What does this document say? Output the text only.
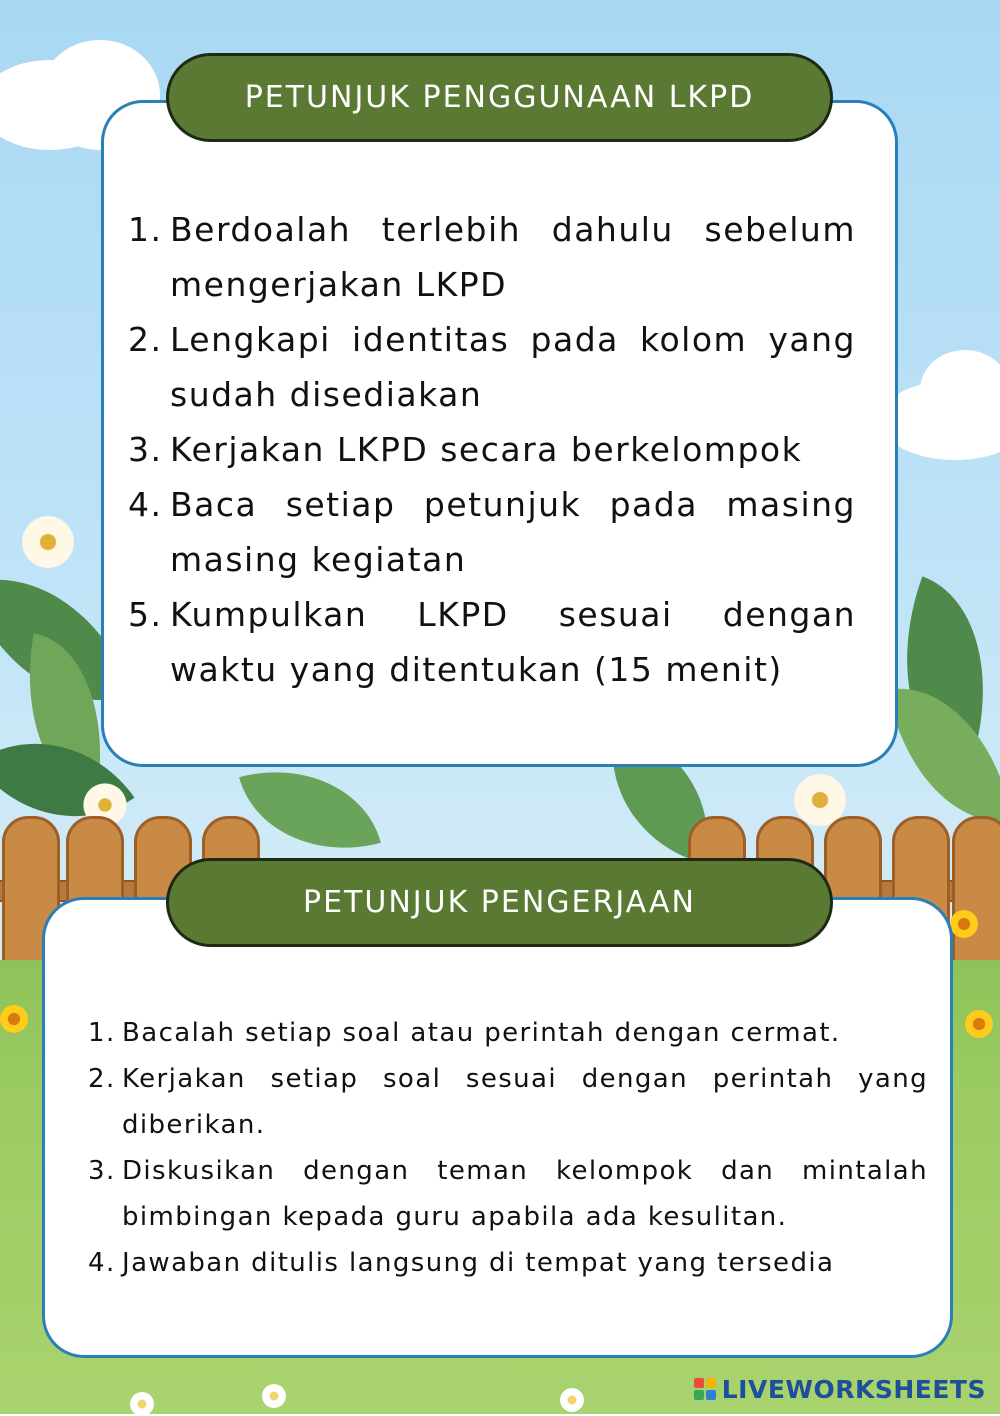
PETUNJUK PENGGUNAAN LKPD
1. Berdoalah terlebih dahulu sebelum mengerjakan LKPD
2. Lengkapi identitas pada kolom yang sudah disediakan
3. Kerjakan LKPD secara berkelompok
4. Baca setiap petunjuk pada masing masing kegiatan
5. Kumpulkan LKPD sesuai dengan waktu yang ditentukan (15 menit)
PETUNJUK PENGERJAAN
1. Bacalah setiap soal atau perintah dengan cermat.
2. Kerjakan setiap soal sesuai dengan perintah yang diberikan.
3. Diskusikan dengan teman kelompok dan mintalah bimbingan kepada guru apabila ada kesulitan.
4. Jawaban ditulis langsung di tempat yang tersedia
LIVEWORKSHEETS
